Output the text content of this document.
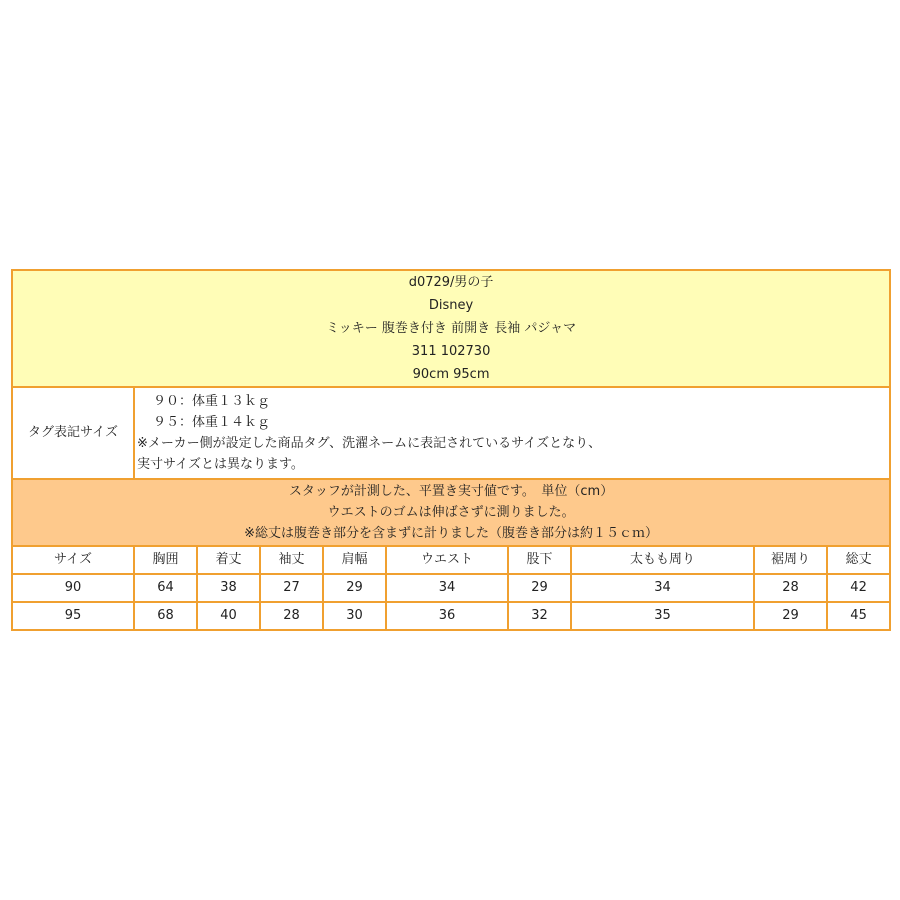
d0729/男の子
Disney
ミッキー 腹巻き付き 前開き 長袖 パジャマ
311 102730
90cm 95cm									

タグ表記サイズ	９０：体重１３ｋｇ
９５：体重１４ｋｇ
※メーカー側が設定した商品タグ、洗濯ネームに表記されているサイズとなり、
実寸サイズとは異なります。								

スタッフが計測した、平置き実寸値です。　単位（cm）
ウエストのゴムは伸ばさずに測りました。
※総丈は腹巻き部分を含まずに計りました（腹巻き部分は約１５ｃｍ）									

サイズ	胸囲	着丈	袖丈	肩幅	ウエスト	股下	太もも周り	裾周り	総丈
90	64	38	27	29	34	29	34	28	42
95	68	40	28	30	36	32	35	29	45
